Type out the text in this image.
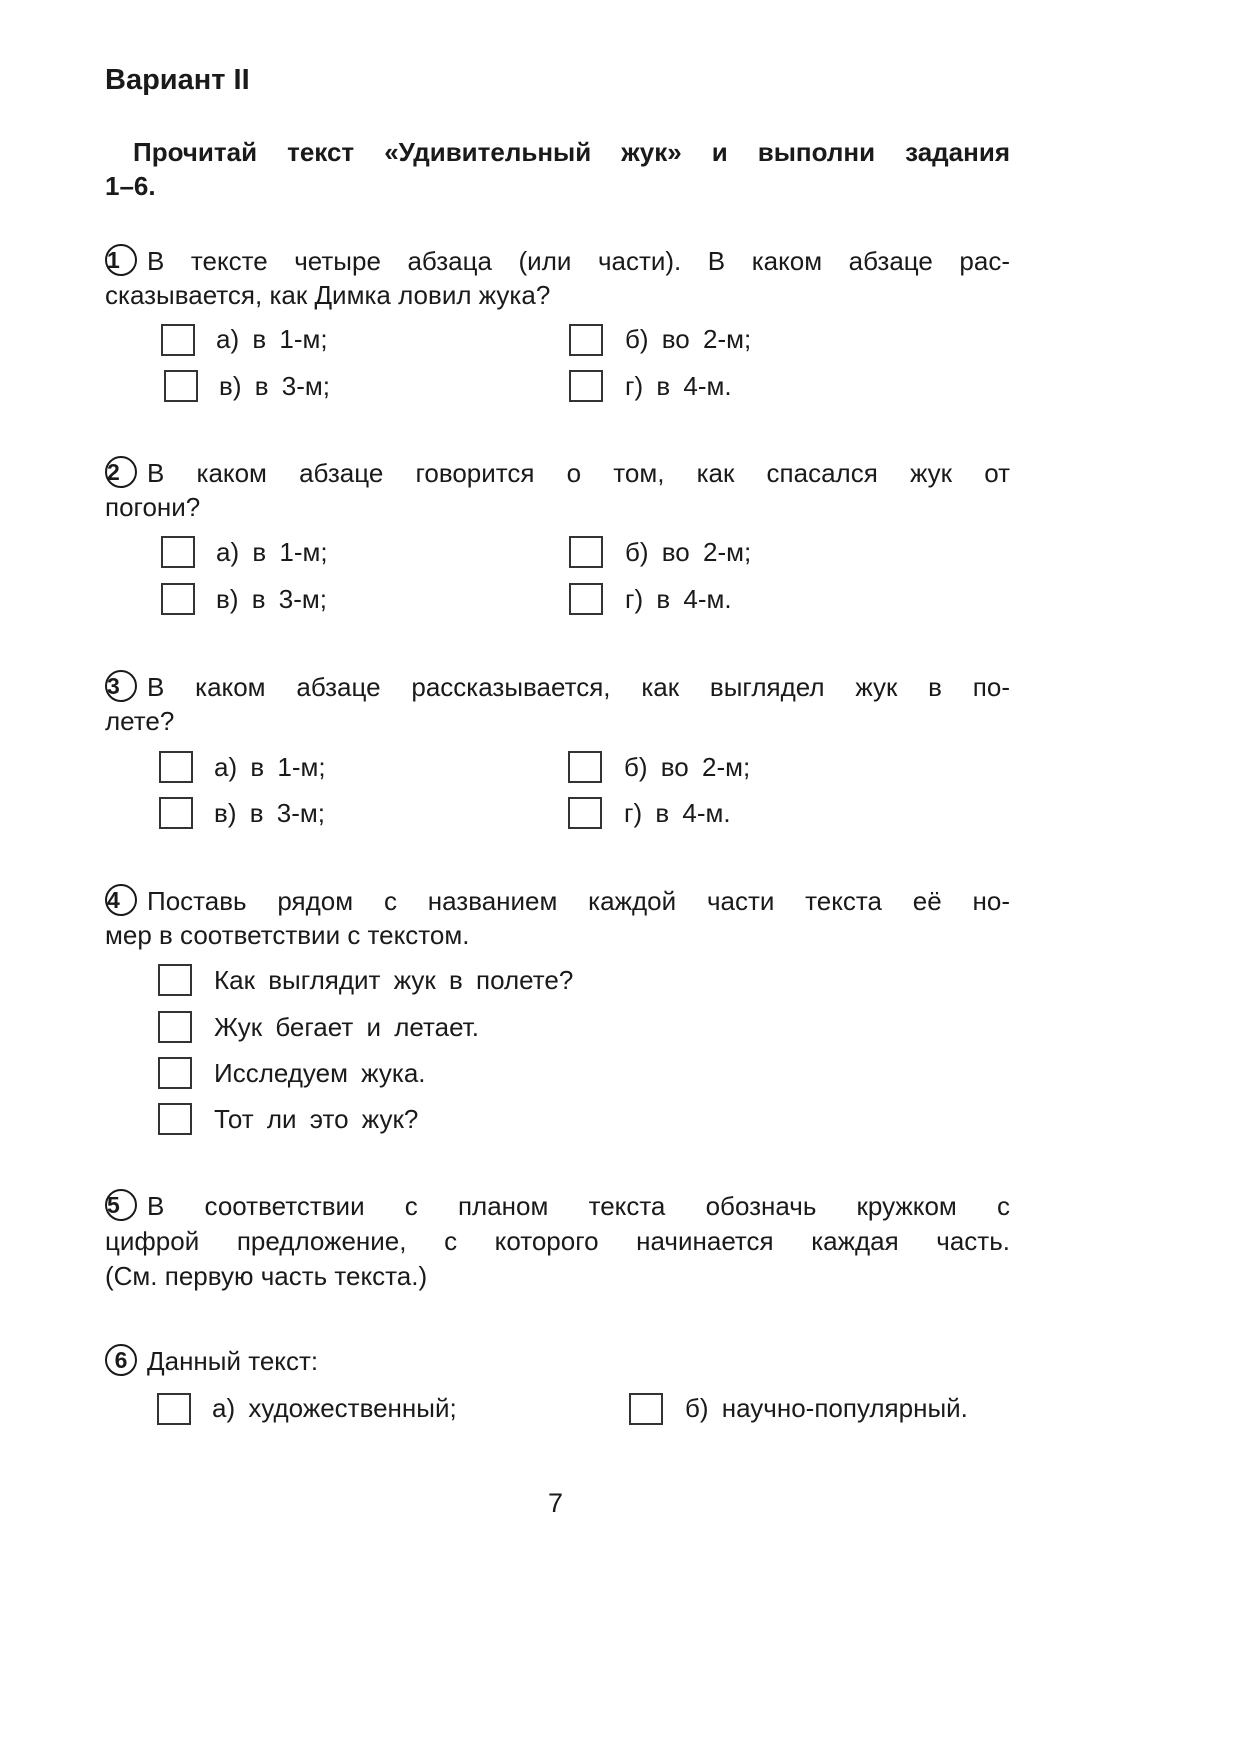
Вариант II
Прочитай текст «Удивительный жук» и выполни задания
1–6.
1 В тексте четыре абзаца (или части). В каком абзаце рас-
сказывается, как Димка ловил жука?
а) в 1-м;	б) во 2-м;
в) в 3-м;	г) в 4-м.
2 В каком абзаце говорится о том, как спасался жук от
погони?
а) в 1-м;	б) во 2-м;
в) в 3-м;	г) в 4-м.
3 В каком абзаце рассказывается, как выглядел жук в по-
лете?
а) в 1-м;	б) во 2-м;
в) в 3-м;	г) в 4-м.
4 Поставь рядом с названием каждой части текста её но-
мер в соответствии с текстом.
Как выглядит жук в полете?
Жук бегает и летает.
Исследуем жука.
Тот ли это жук?
5 В соответствии с планом текста обозначь кружком с
цифрой предложение, с которого начинается каждая часть.
(См. первую часть текста.)
6 Данный текст:
а) художественный;	б) научно-популярный.
7
